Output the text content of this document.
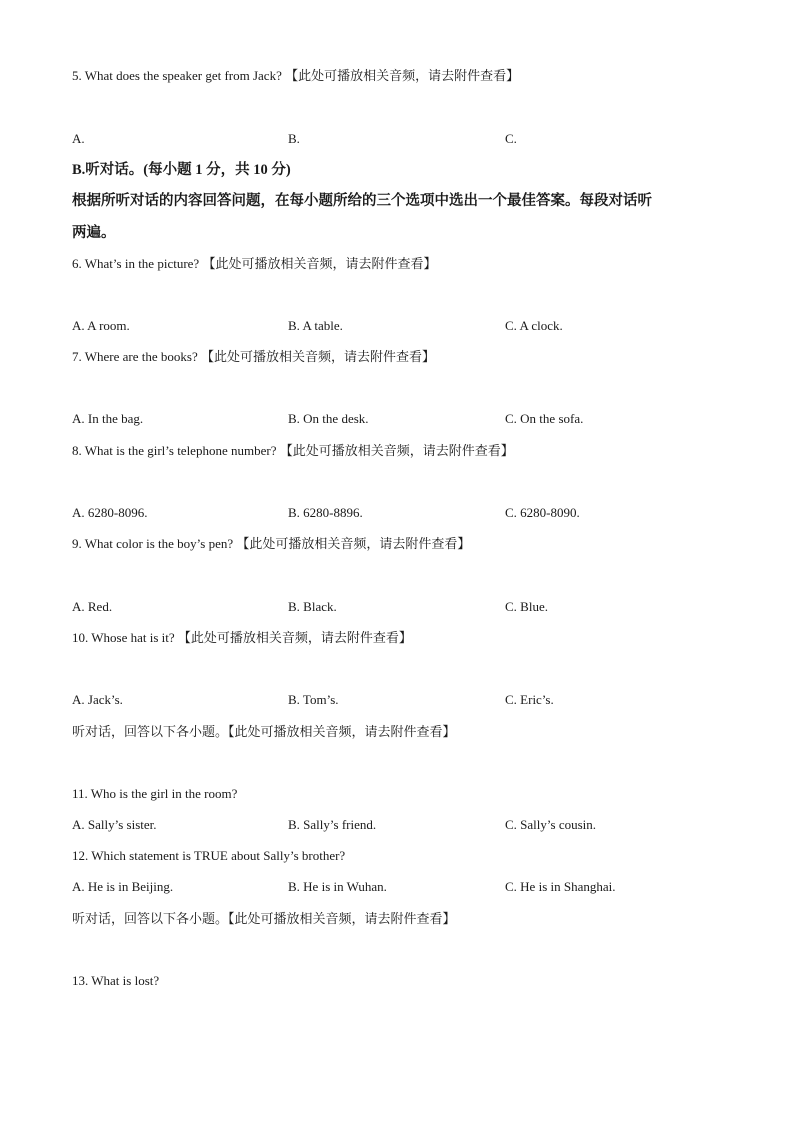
5. What does the speaker get from Jack? 【此处可播放相关音频，请去附件查看】
A.	B.	C.
B.听对话。(每小题 1 分，共 10 分)
根据所听对话的内容回答问题，在每小题所给的三个选项中选出一个最佳答案。每段对话听
两遍。
6. What’s in the picture? 【此处可播放相关音频，请去附件查看】
A. A room.	B. A table.	C. A clock.
7. Where are the books? 【此处可播放相关音频，请去附件查看】
A. In the bag.	B. On the desk.	C. On the sofa.
8. What is the girl’s telephone number? 【此处可播放相关音频，请去附件查看】
A. 6280-8096.	B. 6280-8896.	C. 6280-8090.
9. What color is the boy’s pen? 【此处可播放相关音频，请去附件查看】
A. Red.	B. Black.	C. Blue.
10. Whose hat is it? 【此处可播放相关音频，请去附件查看】
A. Jack’s.	B. Tom’s.	C. Eric’s.
听对话，回答以下各小题。【此处可播放相关音频，请去附件查看】
11. Who is the girl in the room?
A. Sally’s sister.	B. Sally’s friend.	C. Sally’s cousin.
12. Which statement is TRUE about Sally’s brother?
A. He is in Beijing.	B. He is in Wuhan.	C. He is in Shanghai.
听对话，回答以下各小题。【此处可播放相关音频，请去附件查看】
13. What is lost?
